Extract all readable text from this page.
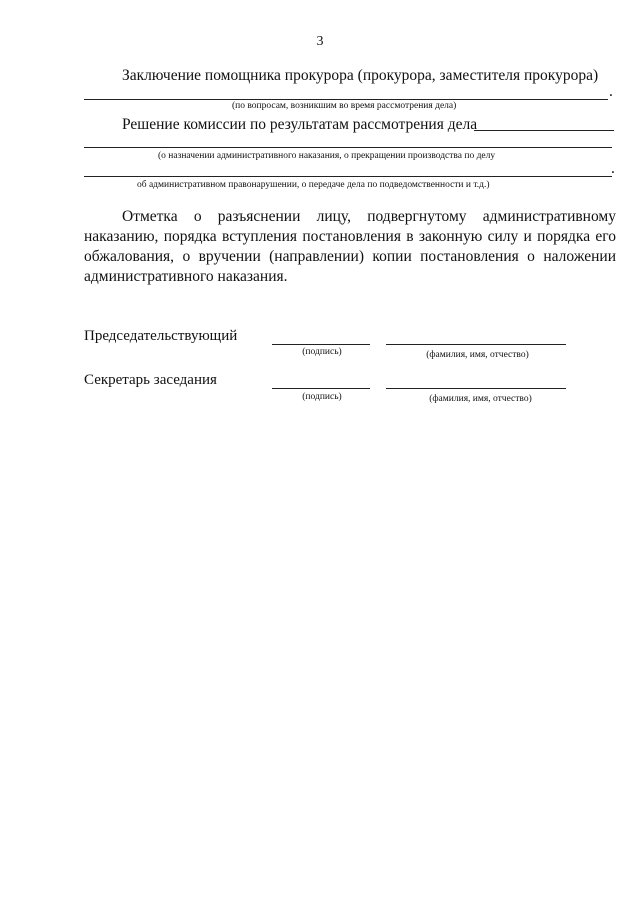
3
Заключение помощника прокурора (прокурора, заместителя прокурора)
.
(по вопросам, возникшим во время рассмотрения дела)
Решение комиссии по результатам рассмотрения дела
(о назначении административного наказания, о прекращении производства по делу
.
об административном правонарушении, о передаче дела по подведомственности и т.д.)
Отметка о разъяснении лицу, подвергнутому административному наказанию, порядка вступления постановления в законную силу и порядка его обжалования, о вручении (направлении) копии постановления о наложении административного наказания.
Председательствующий
(подпись)	(фамилия, имя, отчество)
Секретарь заседания
(подпись)	(фамилия, имя, отчество)
